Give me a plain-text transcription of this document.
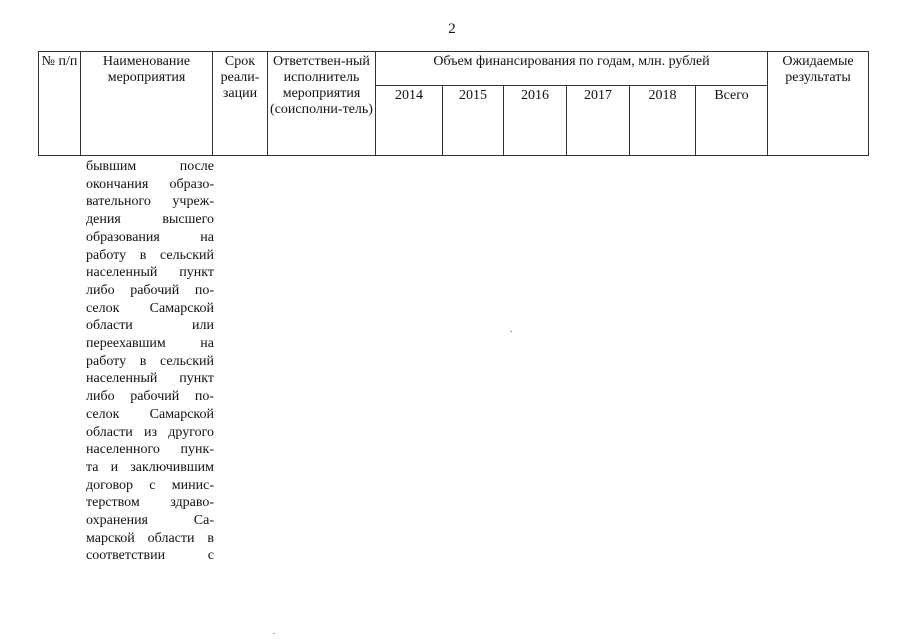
2
№ п/п	Наименование мероприятия	Срок реали-зации	Ответствен-ный исполнитель мероприятия (соисполни-тель)	Объем финансирования по годам, млн. рублей						Ожидаемые результаты
				2014	2015	2016	2017	2018	Всего	
бывшим после
окончания образо-
вательного учреж-
дения высшего
образования на
работу в сельский
населенный пункт
либо рабочий по-
селок Самарской
области или
переехавшим на
работу в сельский
населенный пункт
либо рабочий по-
селок Самарской
области из другого
населенного пунк-
та и заключившим
договор с минис-
терством здраво-
охранения Са-
марской области в
соответствии с
